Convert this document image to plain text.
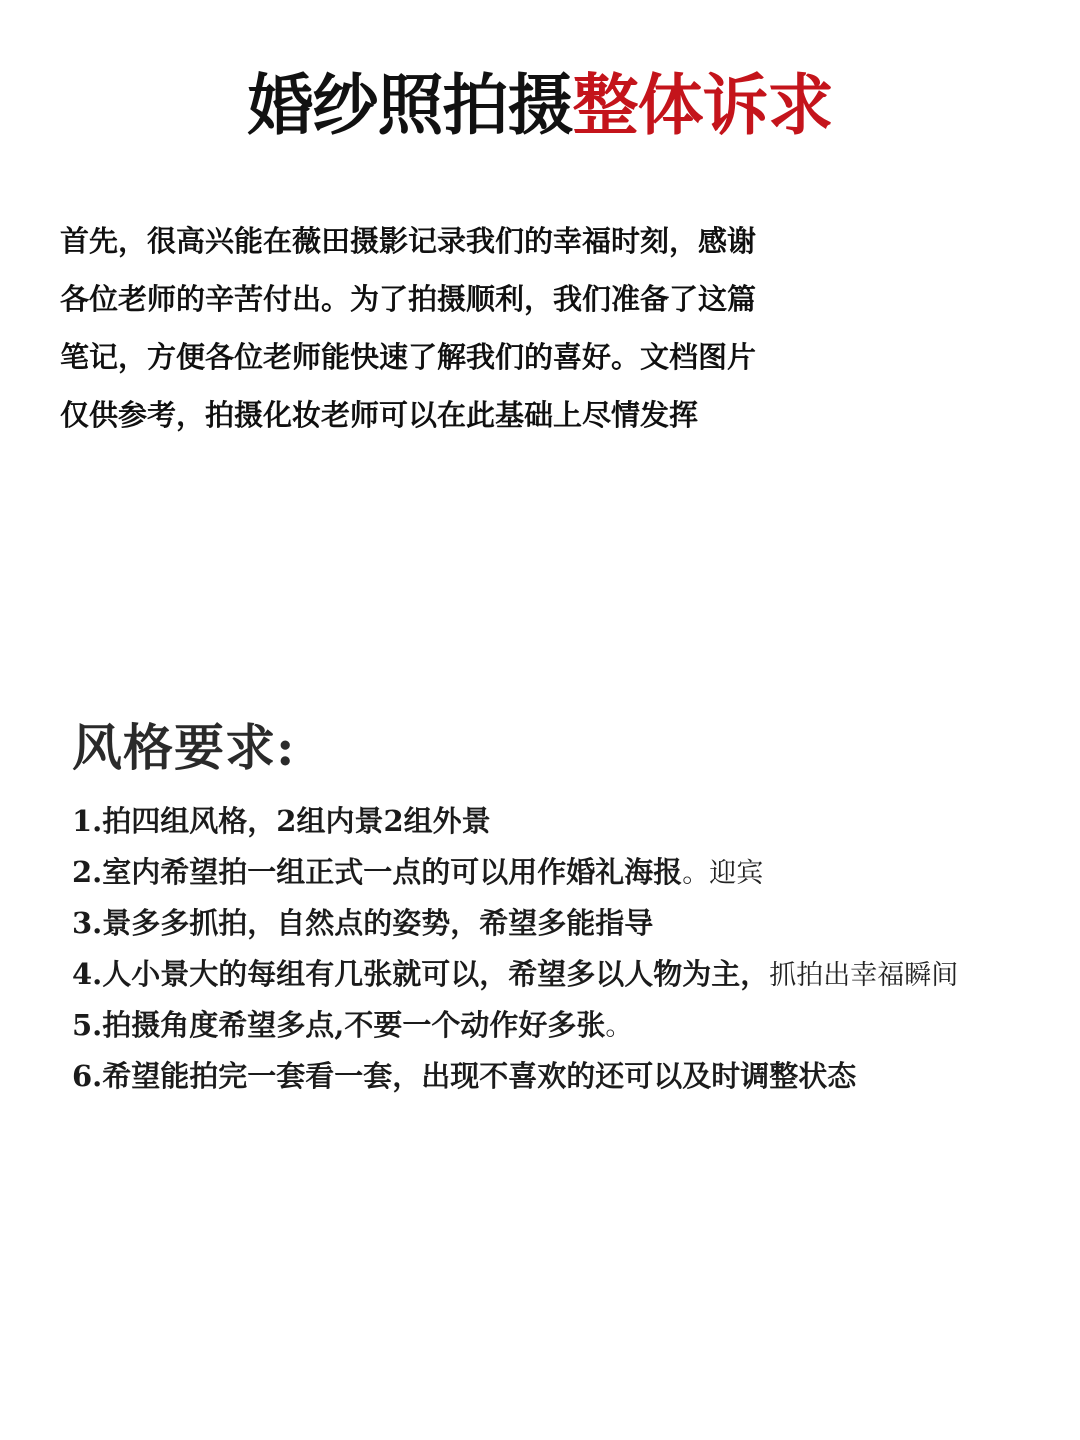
婚纱照拍摄整体诉求

首先，很高兴能在薇田摄影记录我们的幸福时刻，感谢
各位老师的辛苦付出。为了拍摄顺利，我们准备了这篇
笔记，方便各位老师能快速了解我们的喜好。文档图片
仅供参考，拍摄化妆老师可以在此基础上尽情发挥

风格要求:
1.拍四组风格，2组内景2组外景
2.室内希望拍一组正式一点的可以用作婚礼海报。迎宾
3.景多多抓拍，自然点的姿势，希望多能指导
4.人小景大的每组有几张就可以，希望多以人物为主，抓拍出幸福瞬间
5.拍摄角度希望多点,不要一个动作好多张。
6.希望能拍完一套看一套，出现不喜欢的还可以及时调整状态
